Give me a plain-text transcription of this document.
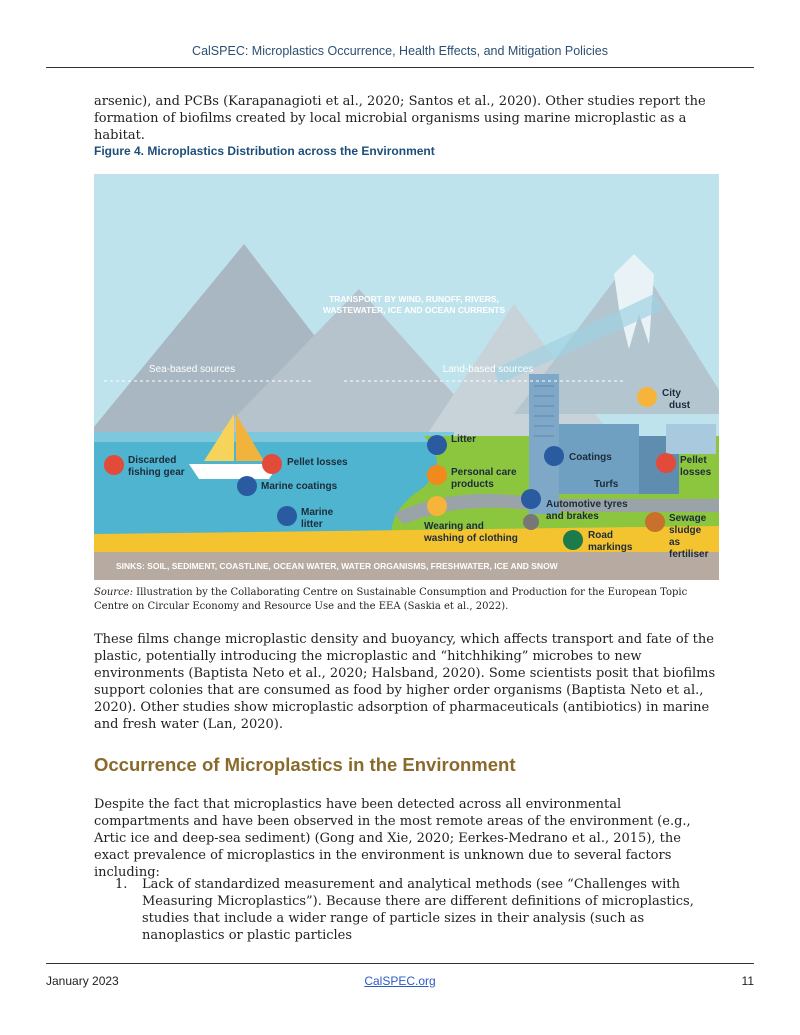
CalSPEC: Microplastics Occurrence, Health Effects, and Mitigation Policies

arsenic), and PCBs (Karapanagioti et al., 2020; Santos et al., 2020). Other studies report the formation of biofilms created by local microbial organisms using marine microplastic as a habitat.

Figure 4. Microplastics Distribution across the Environment
TRANSPORT BY WIND, RUNOFF, RIVERS,
WASTEWATER, ICE AND OCEAN CURRENTS
Sea-based sources	Land-based sources
Discarded
fishing gear
Pellet losses
Marine coatings
Marine
litter
Litter
Personal care
products
Wearing and
washing of clothing
Coatings
Turfs
Automotive tyres
and brakes
Road
markings
City
dust
Pellet
losses
Sewage
sludge
as
fertiliser
SINKS: SOIL, SEDIMENT, COASTLINE, OCEAN WATER, WATER ORGANISMS, FRESHWATER, ICE AND SNOW

Source: Illustration by the Collaborating Centre on Sustainable Consumption and Production for the European Topic Centre on Circular Economy and Resource Use and the EEA (Saskia et al., 2022).

These films change microplastic density and buoyancy, which affects transport and fate of the plastic, potentially introducing the microplastic and “hitchhiking” microbes to new environments (Baptista Neto et al., 2020; Halsband, 2020). Some scientists posit that biofilms support colonies that are consumed as food by higher order organisms (Baptista Neto et al., 2020). Other studies show microplastic adsorption of pharmaceuticals (antibiotics) in marine and fresh water (Lan, 2020).

Occurrence of Microplastics in the Environment

Despite the fact that microplastics have been detected across all environmental compartments and have been observed in the most remote areas of the environment (e.g., Artic ice and deep-sea sediment) (Gong and Xie, 2020; Eerkes-Medrano et al., 2015), the exact prevalence of microplastics in the environment is unknown due to several factors including:

1.	Lack of standardized measurement and analytical methods (see “Challenges with Measuring Microplastics”). Because there are different definitions of microplastics, studies that include a wider range of particle sizes in their analysis (such as nanoplastics or plastic particles
January 2023	CalSPEC.org	11
